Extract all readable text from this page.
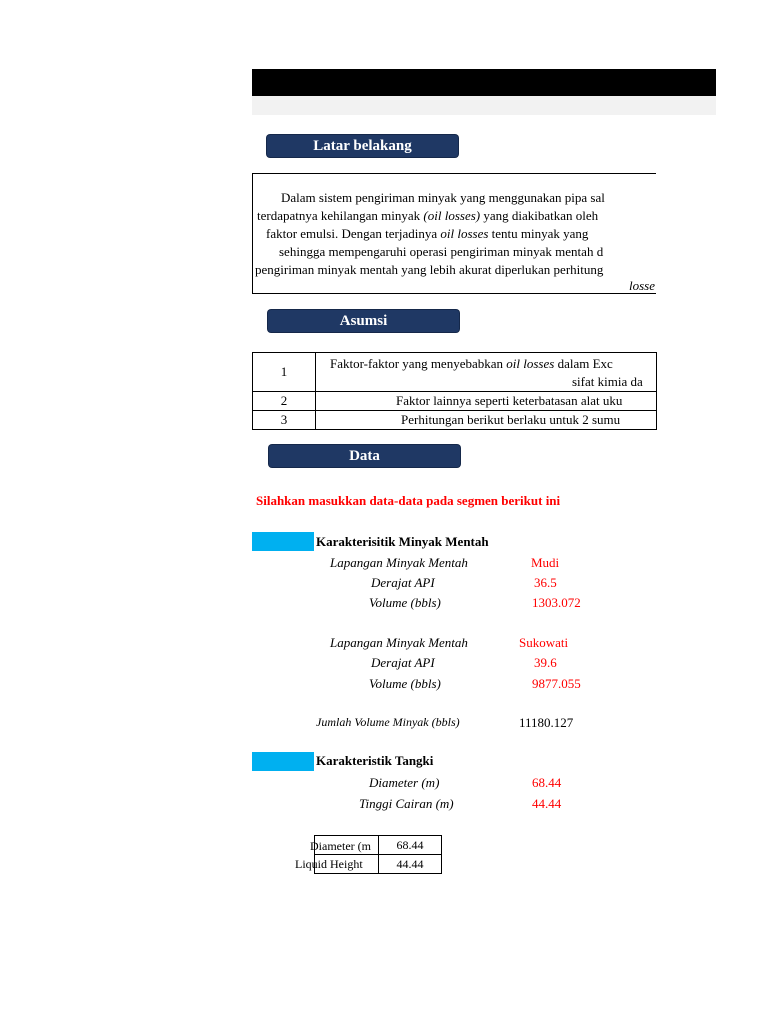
Latar belakang
Dalam sistem pengiriman minyak yang menggunakan pipa sal
terdapatnya kehilangan minyak (oil losses) yang diakibatkan oleh
faktor emulsi. Dengan terjadinya oil losses tentu minyak yang
sehingga mempengaruhi operasi pengiriman minyak mentah d
pengiriman minyak mentah yang lebih akurat diperlukan perhitung
losse
Asumsi
1	Faktor-faktor yang menyebabkan oil losses dalam Exc
sifat kimia da

2	Faktor lainnya seperti keterbatasan alat uku

3	Perhitungan berikut berlaku untuk 2 sumu
Data
Silahkan masukkan data-data pada segmen berikut ini
Karakterisitik Minyak Mentah
Lapangan Minyak Mentah	Mudi
Derajat API	36.5
Volume (bbls)	1303.072
Lapangan Minyak Mentah	Sukowati
Derajat API	39.6
Volume (bbls)	9877.055
Jumlah Volume Minyak (bbls)	11180.127
Karakteristik Tangki
Diameter (m)	68.44
Tinggi Cairan (m)	44.44
Diameter (m	68.44

Liquid Height	44.44
